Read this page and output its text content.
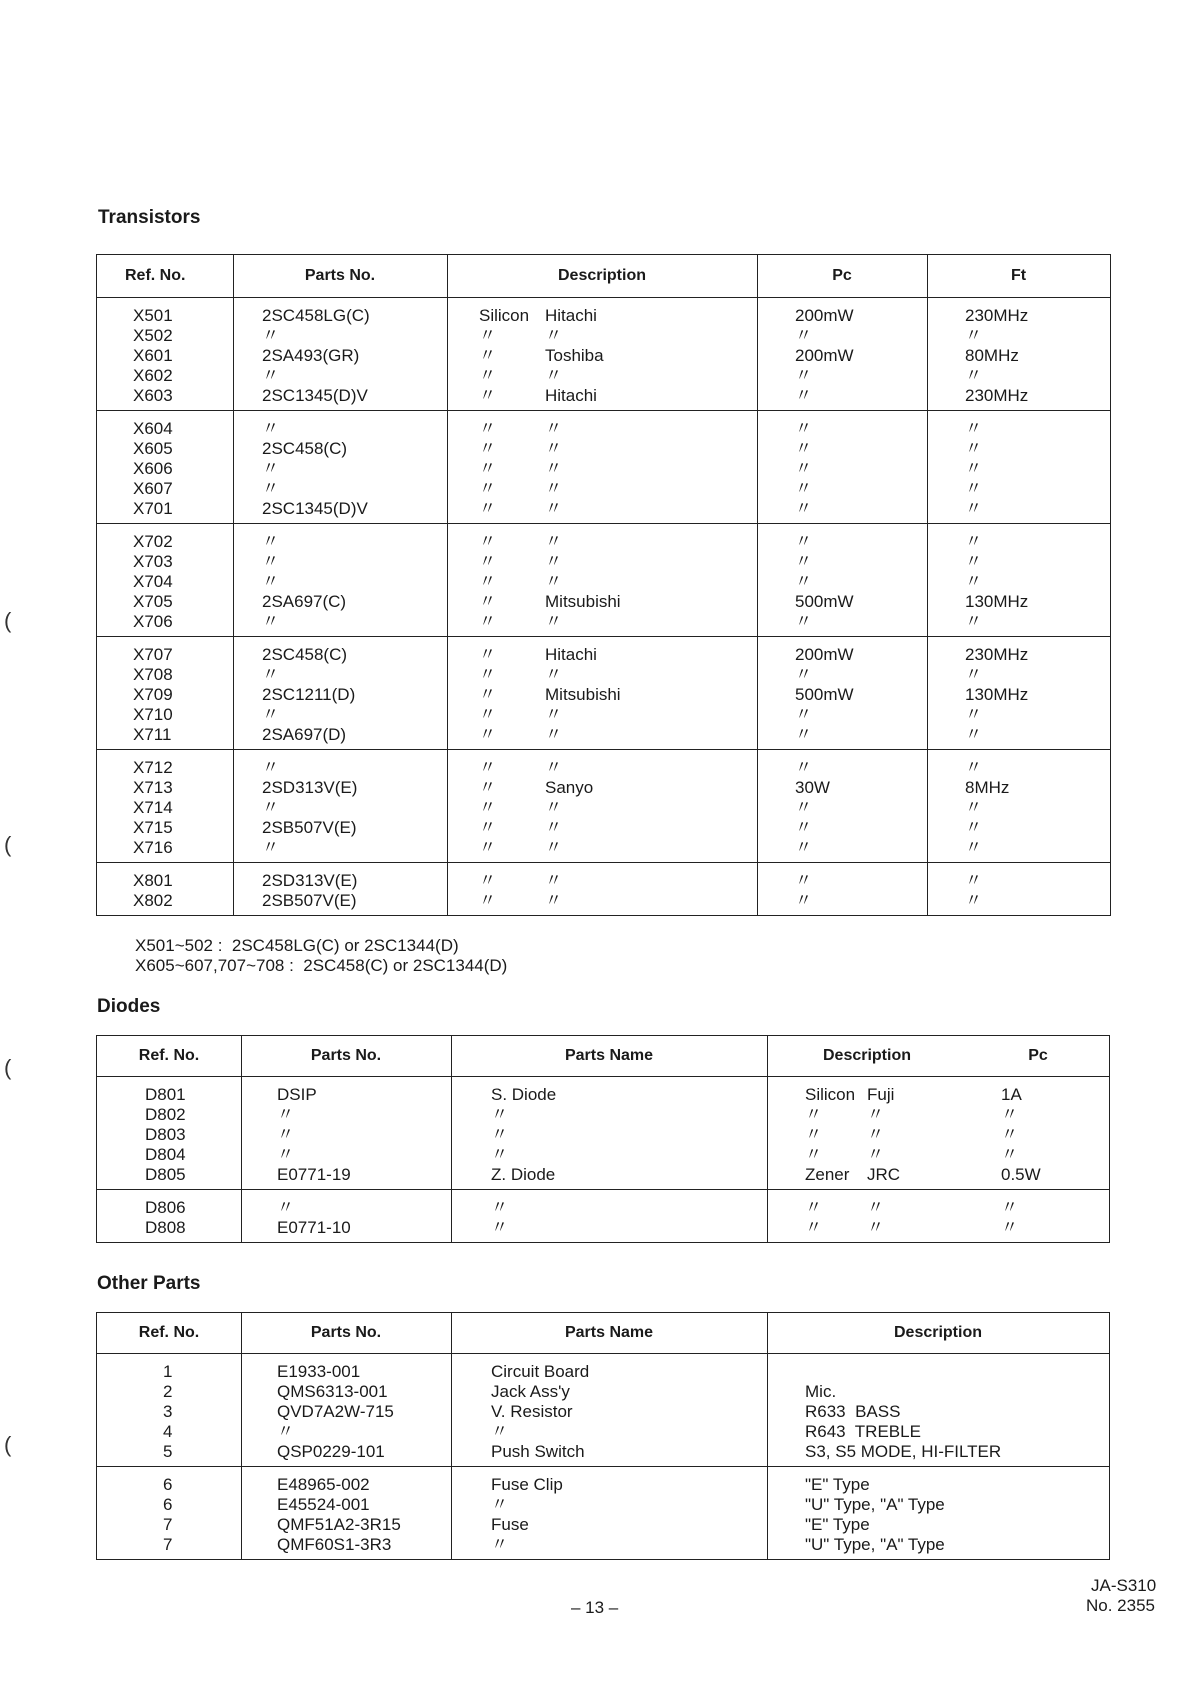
(
(
(
(
Transistors
Ref. No.	Parts No.	Description	Pc	Ft
X501	2SC458LG(C)	Silicon Hitachi	200mW	230MHz
X502	〃	〃	〃	〃	〃
X601	2SA493(GR)	〃	Toshiba	200mW	80MHz
X602	〃	〃	〃	〃	〃
X603	2SC1345(D)V	〃	Hitachi	〃	230MHz
X604	〃	〃	〃	〃	〃
X605	2SC458(C)	〃	〃	〃	〃
X606	〃	〃	〃	〃	〃
X607	〃	〃	〃	〃	〃
X701	2SC1345(D)V	〃	〃	〃	〃
X702	〃	〃	〃	〃	〃
X703	〃	〃	〃	〃	〃
X704	〃	〃	〃	〃	〃
X705	2SA697(C)	〃	Mitsubishi	500mW	130MHz
X706	〃	〃	〃	〃	〃
X707	2SC458(C)	〃	Hitachi	200mW	230MHz
X708	〃	〃	〃	〃	〃
X709	2SC1211(D)	〃	Mitsubishi	500mW	130MHz
X710	〃	〃	〃	〃	〃
X711	2SA697(D)	〃	〃	〃	〃
X712	〃	〃	〃	〃	〃
X713	2SD313V(E)	〃	Sanyo	30W	8MHz
X714	〃	〃	〃	〃	〃
X715	2SB507V(E)	〃	〃	〃	〃
X716	〃	〃	〃	〃	〃
X801	2SD313V(E)	〃	〃	〃	〃
X802	2SB507V(E)	〃	〃	〃	〃
X501~502 :  2SC458LG(C) or 2SC1344(D)
X605~607,707~708 :  2SC458(C) or 2SC1344(D)
Diodes
Ref. No.	Parts No.	Parts Name	Description	Pc
D801	DSIP	S. Diode	Silicon Fuji	1A
D802	〃	〃	〃	〃	〃
D803	〃	〃	〃	〃	〃
D804	〃	〃	〃	〃	〃
D805	E0771-19	Z. Diode	Zener JRC	0.5W
D806	〃	〃	〃	〃	〃
D808	E0771-10	〃	〃	〃	〃
Other Parts
Ref. No.	Parts No.	Parts Name	Description
1	E1933-001	Circuit Board
2	QMS6313-001	Jack Ass'y	Mic.
3	QVD7A2W-715	V. Resistor	R633  BASS
4	〃	〃	R643  TREBLE
5	QSP0229-101	Push Switch	S3, S5 MODE, HI-FILTER
6	E48965-002	Fuse Clip	"E" Type
6	E45524-001	〃	"U" Type, "A" Type
7	QMF51A2-3R15	Fuse	"E" Type
7	QMF60S1-3R3	〃	"U" Type, "A" Type
– 13 –
JA-S310
No. 2355
